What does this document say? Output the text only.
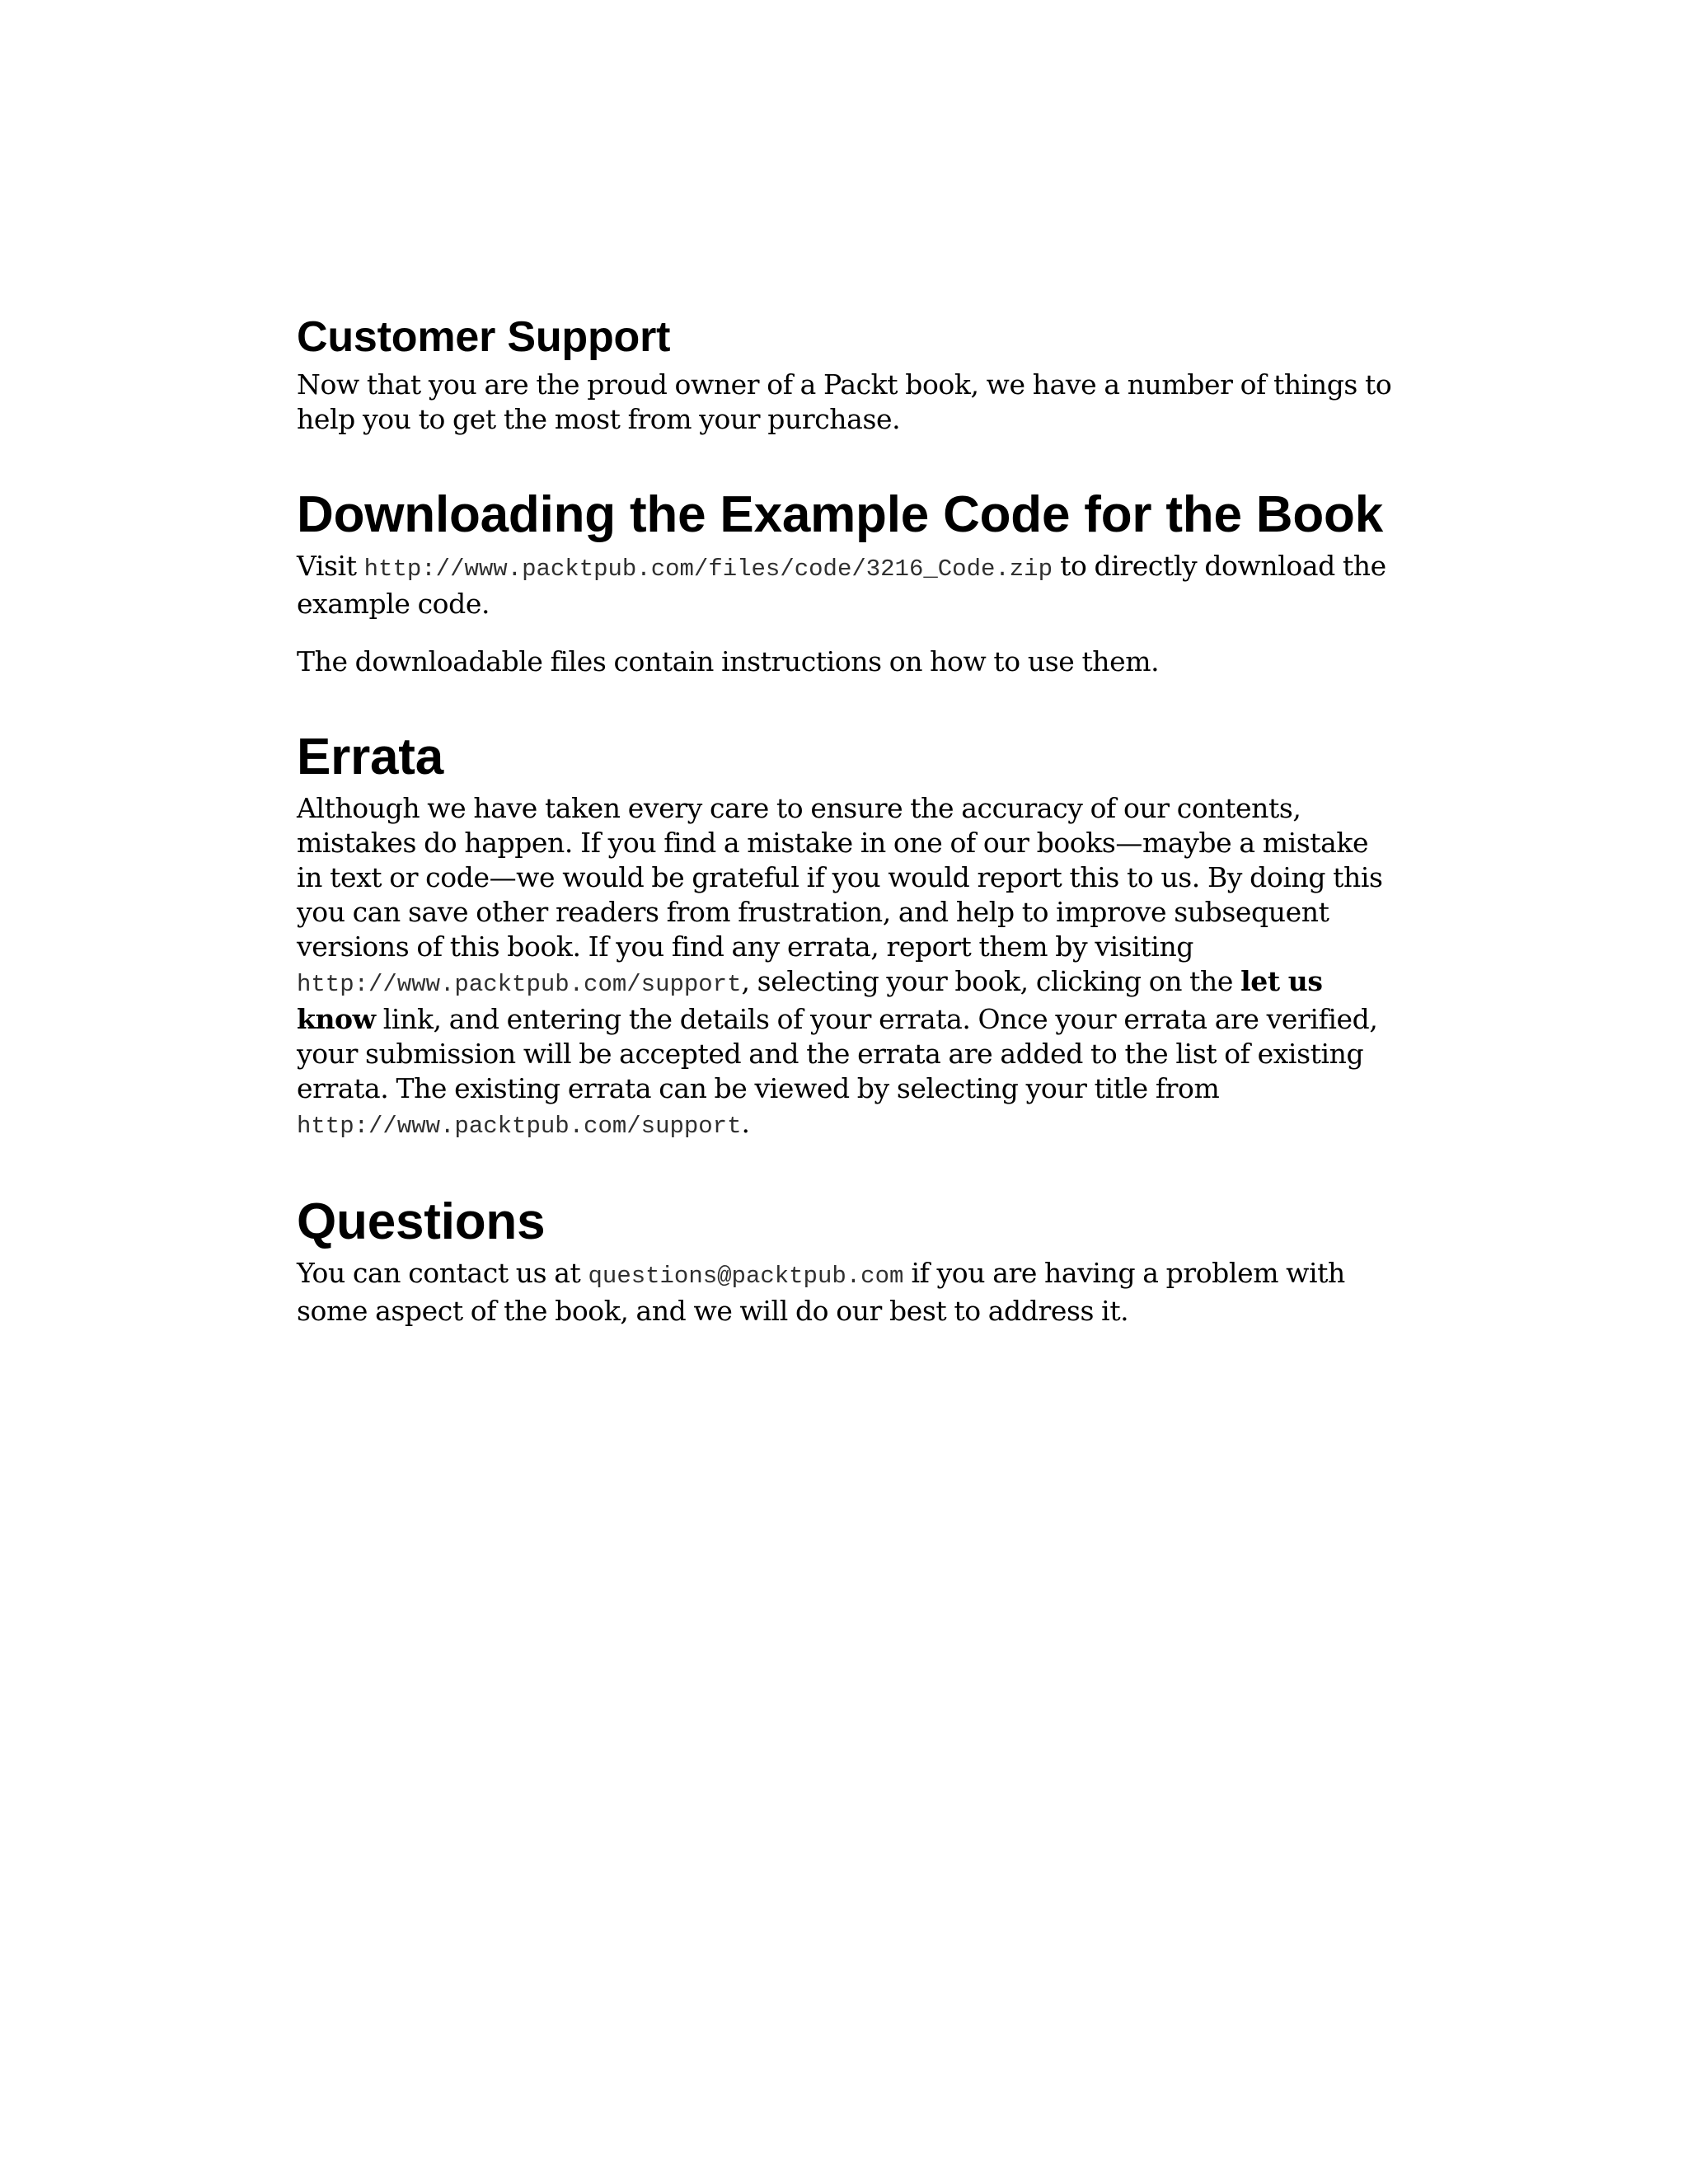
Customer Support

Now that you are the proud owner of a Packt book, we have a number of things to help you to get the most from your purchase.

Downloading the Example Code for the Book

Visit http://www.packtpub.com/files/code/3216_Code.zip to directly download the example code.

The downloadable files contain instructions on how to use them.

Errata

Although we have taken every care to ensure the accuracy of our contents, mistakes do happen. If you find a mistake in one of our books—maybe a mistake in text or code—we would be grateful if you would report this to us. By doing this you can save other readers from frustration, and help to improve subsequent versions of this book. If you find any errata, report them by visiting http://www.packtpub.com/support, selecting your book, clicking on the let us know link, and entering the details of your errata. Once your errata are verified, your submission will be accepted and the errata are added to the list of existing errata. The existing errata can be viewed by selecting your title from http://www.packtpub.com/support.

Questions

You can contact us at questions@packtpub.com if you are having a problem with some aspect of the book, and we will do our best to address it.
